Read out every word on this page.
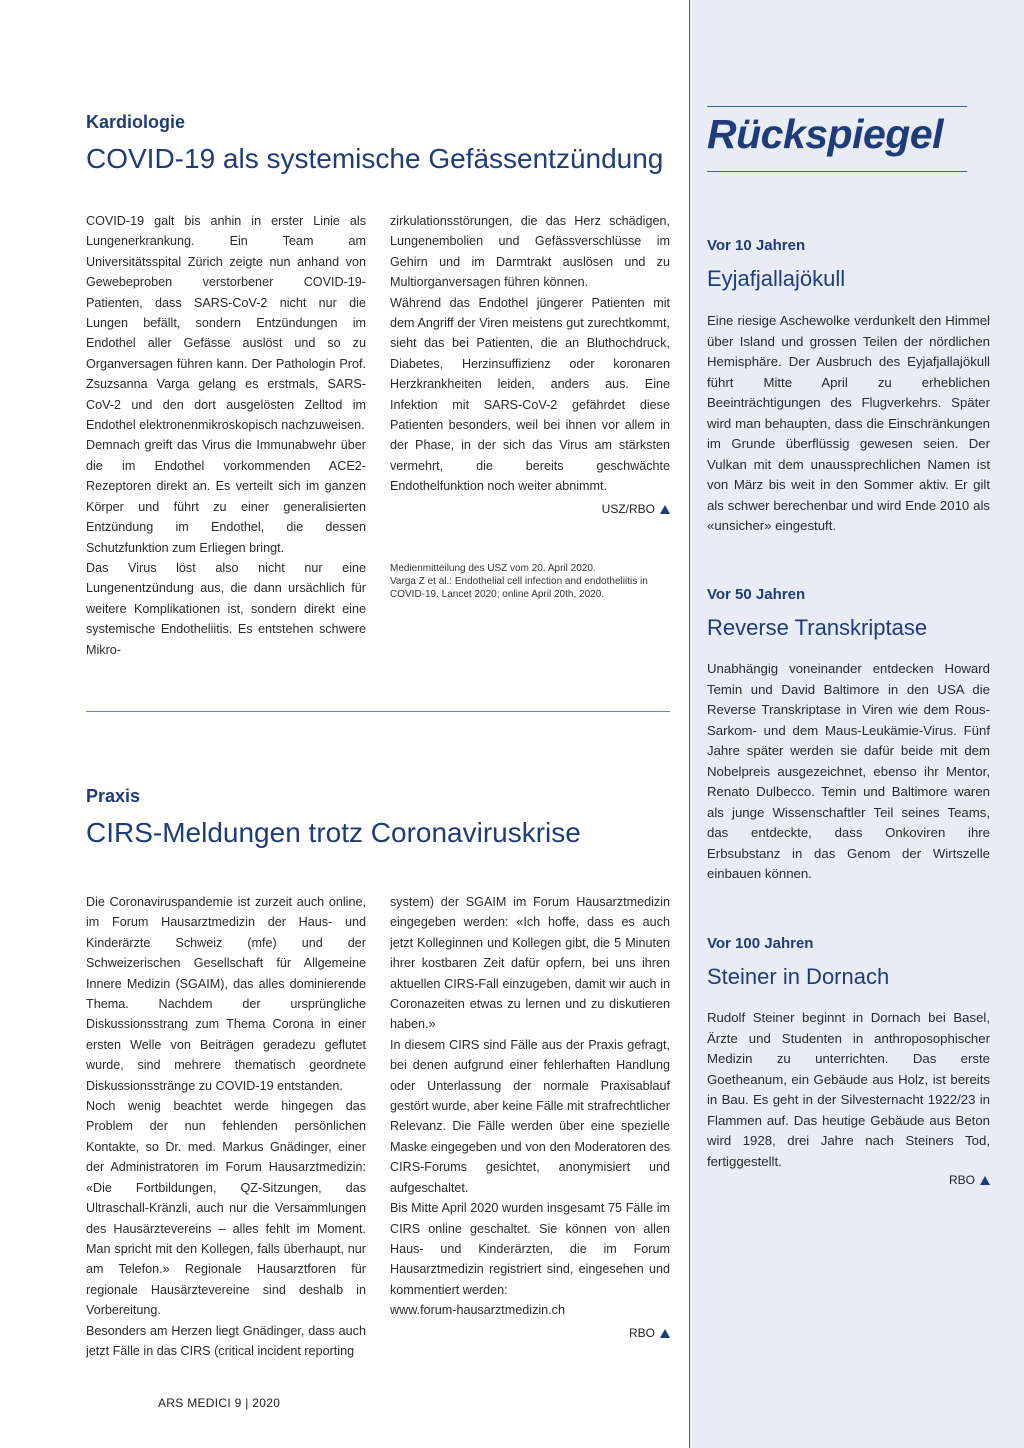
Kardiologie
COVID-19 als systemische Gefässentzündung

COVID-19 galt bis anhin in erster Linie als Lungenerkrankung. Ein Team am Universitätsspital Zürich zeigte nun anhand von Gewebeproben verstorbener COVID-19-Patienten, dass SARS-CoV-2 nicht nur die Lungen befällt, sondern Entzündungen im Endothel aller Gefässe auslöst und so zu Organversagen führen kann. Der Pathologin Prof. Zsuzsanna Varga gelang es erstmals, SARS-CoV-2 und den dort ausgelösten Zelltod im Endothel elektronenmikroskopisch nachzuweisen.

Demnach greift das Virus die Immunabwehr über die im Endothel vorkommenden ACE2-Rezeptoren direkt an. Es verteilt sich im ganzen Körper und führt zu einer generalisierten Entzündung im Endothel, die dessen Schutzfunktion zum Erliegen bringt.

Das Virus löst also nicht nur eine Lungenentzündung aus, die dann ursächlich für weitere Komplikationen ist, sondern direkt eine systemische Endotheliitis. Es entstehen schwere Mikro-

zirkulationsstörungen, die das Herz schädigen, Lungenembolien und Gefässverschlüsse im Gehirn und im Darmtrakt auslösen und zu Multiorganversagen führen können.

Während das Endothel jüngerer Patienten mit dem Angriff der Viren meistens gut zurechtkommt, sieht das bei Patienten, die an Bluthochdruck, Diabetes, Herzinsuffizienz oder koronaren Herzkrankheiten leiden, anders aus. Eine Infektion mit SARS-CoV-2 gefährdet diese Patienten besonders, weil bei ihnen vor allem in der Phase, in der sich das Virus am stärksten vermehrt, die bereits geschwächte Endothelfunktion noch weiter abnimmt.

USZ/RBO

Medienmitteilung des USZ vom 20. April 2020.

Varga Z et al.: Endothelial cell infection and endotheliitis in COVID-19. Lancet 2020; online April 20th, 2020.

Praxis
CIRS-Meldungen trotz Coronaviruskrise

Die Coronaviruspandemie ist zurzeit auch online, im Forum Hausarztmedizin der Haus- und Kinderärzte Schweiz (mfe) und der Schweizerischen Gesellschaft für Allgemeine Innere Medizin (SGAIM), das alles dominierende Thema. Nachdem der ursprüngliche Diskussionsstrang zum Thema Corona in einer ersten Welle von Beiträgen geradezu geflutet wurde, sind mehrere thematisch geordnete Diskussionsstränge zu COVID-19 entstanden.

Noch wenig beachtet werde hingegen das Problem der nun fehlenden persönlichen Kontakte, so Dr. med. Markus Gnädinger, einer der Administratoren im Forum Hausarztmedizin: «Die Fortbildungen, QZ-Sitzungen, das Ultraschall-Kränzli, auch nur die Versammlungen des Hausärztevereins – alles fehlt im Moment. Man spricht mit den Kollegen, falls überhaupt, nur am Telefon.» Regionale Hausarztforen für regionale Hausärztevereine sind deshalb in Vorbereitung.

Besonders am Herzen liegt Gnädinger, dass auch jetzt Fälle in das CIRS (critical incident reporting

system) der SGAIM im Forum Hausarztmedizin eingegeben werden: «Ich hoffe, dass es auch jetzt Kolleginnen und Kollegen gibt, die 5 Minuten ihrer kostbaren Zeit dafür opfern, bei uns ihren aktuellen CIRS-Fall einzugeben, damit wir auch in Coronazeiten etwas zu lernen und zu diskutieren haben.»

In diesem CIRS sind Fälle aus der Praxis gefragt, bei denen aufgrund einer fehlerhaften Handlung oder Unterlassung der normale Praxisablauf gestört wurde, aber keine Fälle mit strafrechtlicher Relevanz. Die Fälle werden über eine spezielle Maske eingegeben und von den Moderatoren des CIRS-Forums gesichtet, anonymisiert und aufgeschaltet.

Bis Mitte April 2020 wurden insgesamt 75 Fälle im CIRS online geschaltet. Sie können von allen Haus- und Kinderärzten, die im Forum Hausarztmedizin registriert sind, eingesehen und kommentiert werden:

www.forum-hausarztmedizin.ch

RBO
Rückspiegel
Vor 10 Jahren
Eyjafjallajökull

Eine riesige Aschewolke verdunkelt den Himmel über Island und grossen Teilen der nördlichen Hemisphäre. Der Ausbruch des Eyjafjallajökull führt Mitte April zu erheblichen Beeinträchtigungen des Flugverkehrs. Später wird man behaupten, dass die Einschränkungen im Grunde überflüssig gewesen seien. Der Vulkan mit dem unaussprechlichen Namen ist von März bis weit in den Sommer aktiv. Er gilt als schwer berechenbar und wird Ende 2010 als «unsicher» eingestuft.

Vor 50 Jahren
Reverse Transkriptase

Unabhängig voneinander entdecken Howard Temin und David Baltimore in den USA die Reverse Transkriptase in Viren wie dem Rous-Sarkom- und dem Maus-Leukämie-Virus. Fünf Jahre später werden sie dafür beide mit dem Nobelpreis ausgezeichnet, ebenso ihr Mentor, Renato Dulbecco. Temin und Baltimore waren als junge Wissenschaftler Teil seines Teams, das entdeckte, dass Onkoviren ihre Erbsubstanz in das Genom der Wirtszelle einbauen können.

Vor 100 Jahren
Steiner in Dornach

Rudolf Steiner beginnt in Dornach bei Basel, Ärzte und Studenten in anthroposophischer Medizin zu unterrichten. Das erste Goetheanum, ein Gebäude aus Holz, ist bereits in Bau. Es geht in der Silvesternacht 1922/23 in Flammen auf. Das heutige Gebäude aus Beton wird 1928, drei Jahre nach Steiners Tod, fertiggestellt.

RBO
ARS MEDICI 9 | 2020
